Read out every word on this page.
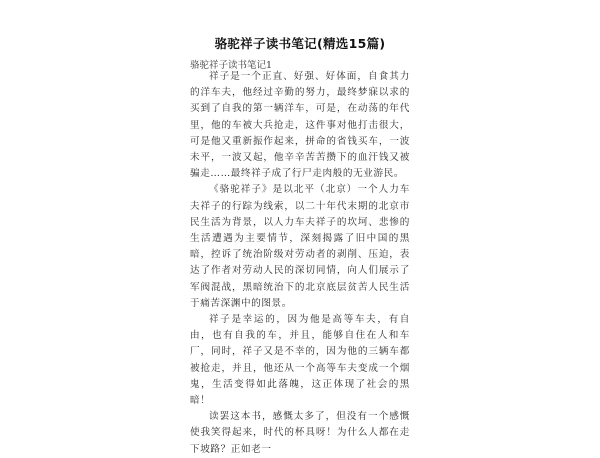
骆驼祥子读书笔记(精选15篇)
骆驼祥子读书笔记1

祥子是一个正直、好强、好体面，自食其力的洋车夫，他经过辛勤的努力，最终梦寐以求的买到了自我的第一辆洋车，可是，在动荡的年代里，他的车被大兵抢走，这件事对他打击很大，可是他又重新振作起来，拼命的省钱买车，一波未平，一波又起，他辛辛苦苦攒下的血汗钱又被骗走……最终祥子成了行尸走肉般的无业游民。

《骆驼祥子》是以北平（北京）一个人力车夫祥子的行踪为线索，以二十年代末期的北京市民生活为背景，以人力车夫祥子的坎坷、悲惨的生活遭遇为主要情节，深刻揭露了旧中国的黑暗，控诉了统治阶级对劳动者的剥削、压迫，表达了作者对劳动人民的深切同情，向人们展示了军阀混战，黑暗统治下的北京底层贫苦人民生活于痛苦深渊中的图景。

祥子是幸运的，因为他是高等车夫，有自由，也有自我的车，并且，能够自住在人和车厂，同时，祥子又是不幸的，因为他的三辆车都被抢走，并且，他还从一个高等车夫变成一个烟鬼，生活变得如此落魄，这正体现了社会的黑暗！

读罢这本书，感慨太多了，但没有一个感慨使我笑得起来，时代的杯具呀！为什么人都在走下坡路？正如老一
